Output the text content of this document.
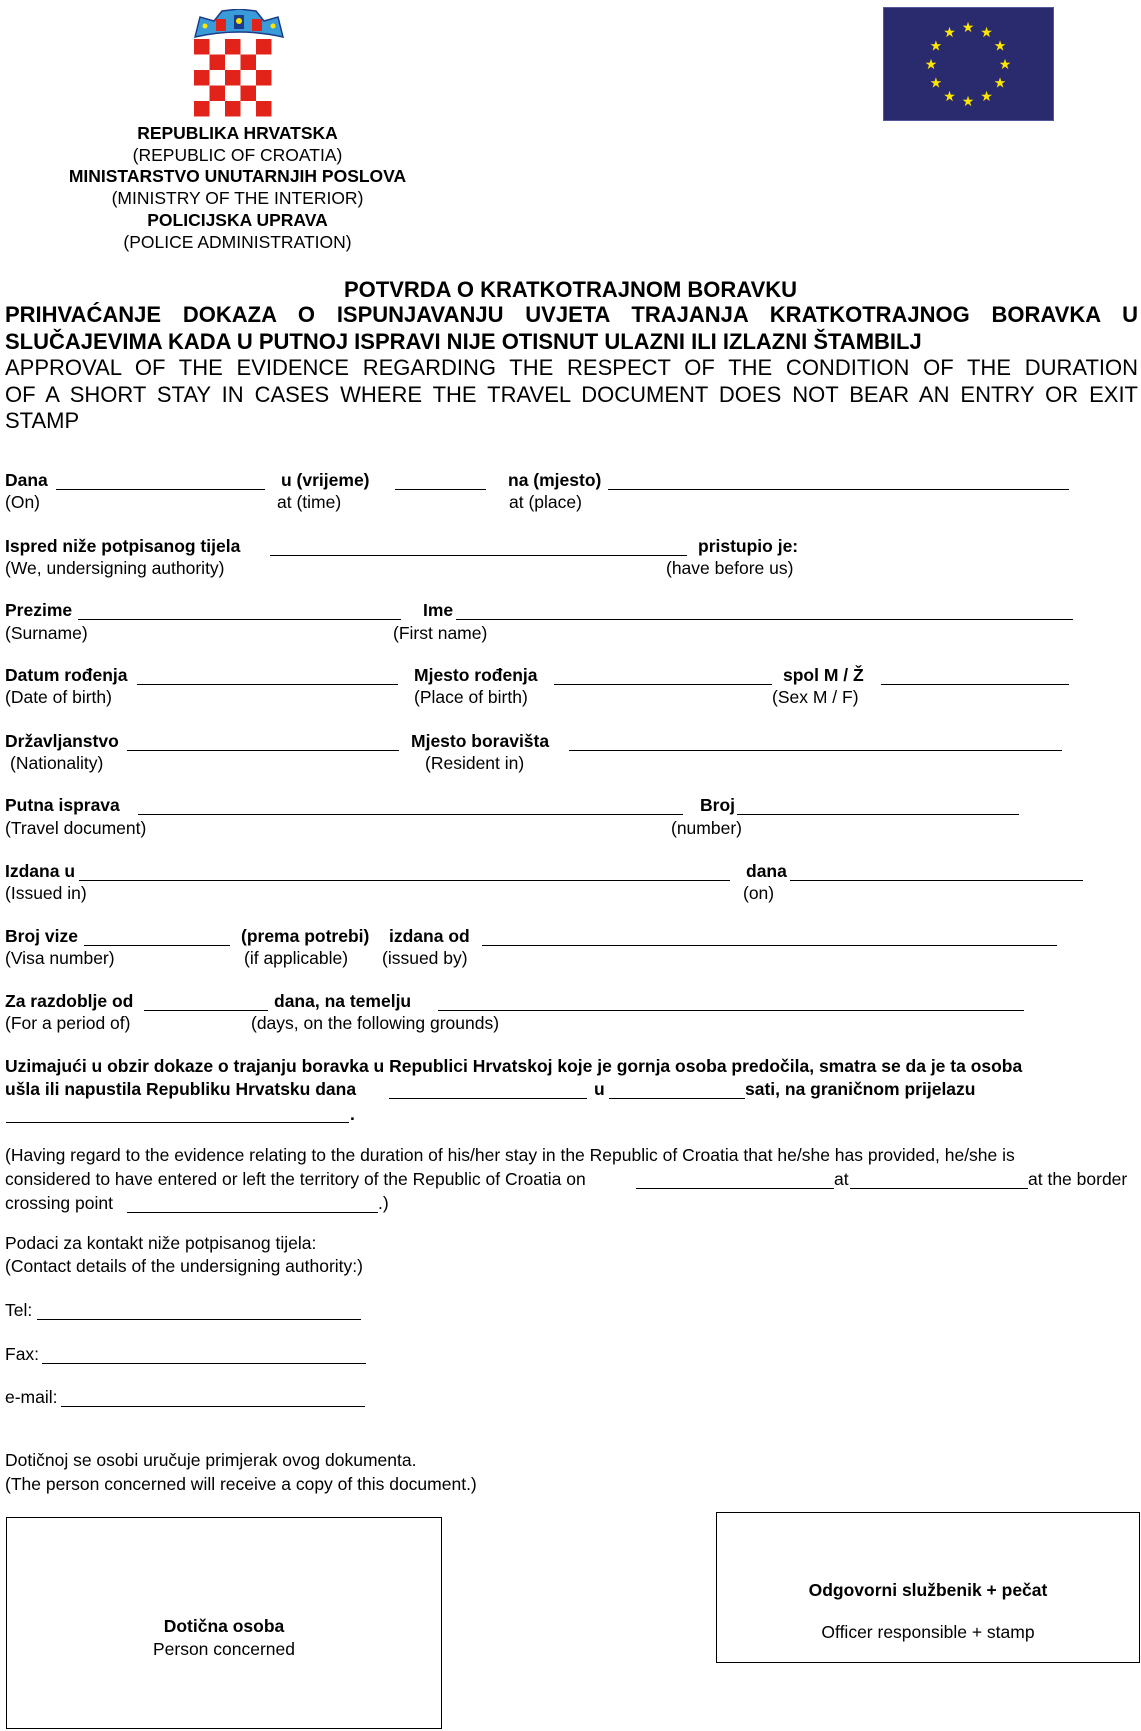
★ ★
★
★
★
★
★
★
★
★
★
★
REPUBLIKA HRVATSKA
(REPUBLIC OF CROATIA)
MINISTARSTVO UNUTARNJIH POSLOVA
(MINISTRY OF THE INTERIOR)
POLICIJSKA UPRAVA
(POLICE ADMINISTRATION)
POTVRDA O KRATKOTRAJNOM BORAVKU
PRIHVAĆANJE DOKAZA O ISPUNJAVANJU UVJETA TRAJANJA KRATKOTRAJNOG BORAVKA U
SLUČAJEVIMA KADA U PUTNOJ ISPRAVI NIJE OTISNUT ULAZNI ILI IZLAZNI ŠTAMBILJ
APPROVAL OF THE EVIDENCE REGARDING THE RESPECT OF THE CONDITION OF THE DURATION
OF A SHORT STAY IN CASES WHERE THE TRAVEL DOCUMENT DOES NOT BEAR AN ENTRY OR EXIT
STAMP
Dana	u (vrijeme)	na (mjesto)
(On)	at (time)	at (place)
Ispred niže potpisanog tijela	pristupio je:
(We, undersigning authority)	(have before us)
Prezime	Ime
(Surname)	(First name)
Datum rođenja	Mjesto rođenja	spol M / Ž
(Date of birth)	(Place of birth)	(Sex M / F)
Državljanstvo	Mjesto boravišta
(Nationality)	(Resident in)
Putna isprava	Broj
(Travel document)	(number)
Izdana u	dana
(Issued in)	(on)
Broj vize	(prema potrebi) izdana od
(Visa number)	(if applicable) (issued by)
Za razdoblje od	dana, na temelju
(For a period of)	(days, on the following grounds)
Uzimajući u obzir dokaze o trajanju boravka u Republici Hrvatskoj koje je gornja osoba predočila, smatra se da je ta osoba
ušla ili napustila Republiku Hrvatsku dana	u	sati, na graničnom prijelazu
.
(Having regard to the evidence relating to the duration of his/her stay in the Republic of Croatia that he/she has provided, he/she is
considered to have entered or left the territory of the Republic of Croatia on	at	at the border
crossing point	.)
Podaci za kontakt niže potpisanog tijela:
(Contact details of the undersigning authority:)
Tel:
Fax:
e-mail:
Dotičnoj se osobi uručuje primjerak ovog dokumenta.
(The person concerned will receive a copy of this document.)
Dotična osoba
Person concerned
Odgovorni službenik + pečat
Officer responsible + stamp
